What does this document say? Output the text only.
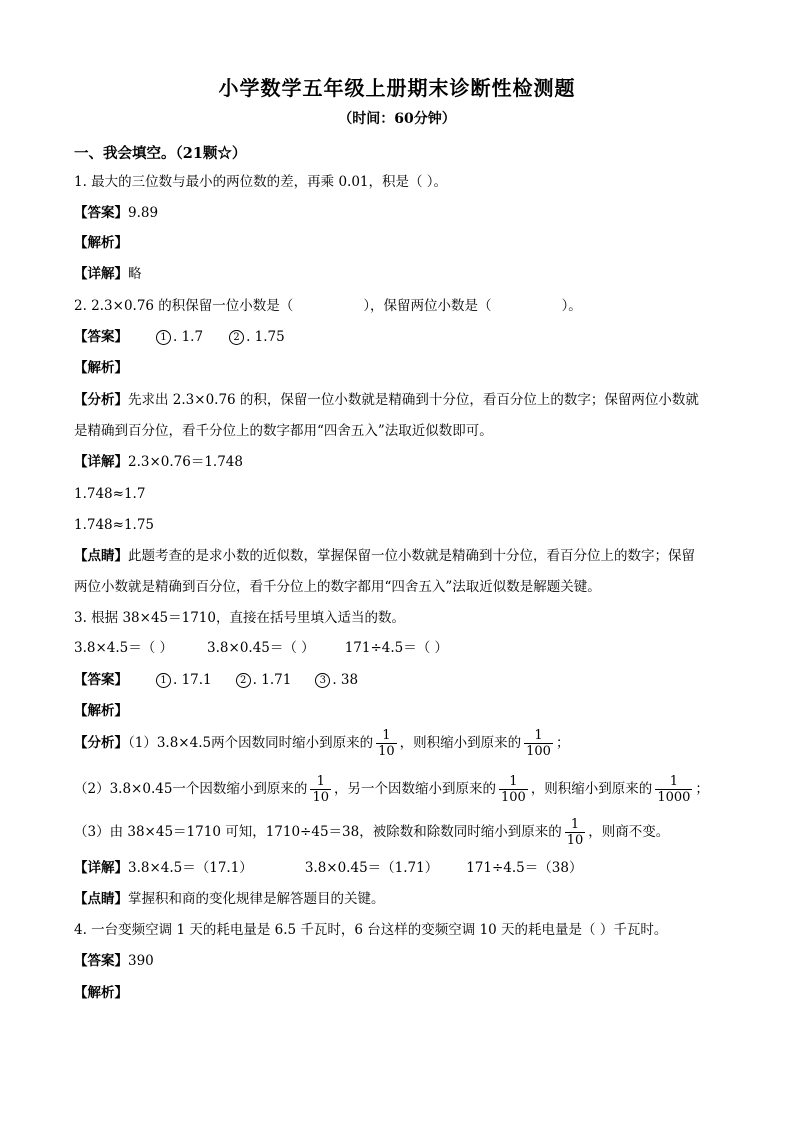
小学数学五年级上册期末诊断性检测题
（时间：60分钟）
一、我会填空。（21颗☆）
1. 最大的三位数与最小的两位数的差，再乘 0.01，积是（ ）。
【答案】9.89
【解析】
【详解】略
2. 2.3×0.76 的积保留一位小数是（	），保留两位小数是（	）。
【答案】	1 . 1.7	2 . 1.75
【解析】
【分析】先求出 2.3×0.76 的积，保留一位小数就是精确到十分位，看百分位上的数字；保留两位小数就
是精确到百分位，看千分位上的数字都用“四舍五入”法取近似数即可。
【详解】2.3×0.76＝1.748
1.748≈1.7
1.748≈1.75
【点睛】此题考查的是求小数的近似数，掌握保留一位小数就是精确到十分位，看百分位上的数字；保留
两位小数就是精确到百分位，看千分位上的数字都用“四舍五入”法取近似数是解题关键。
3. 根据 38×45＝1710，直接在括号里填入适当的数。
3.8×4.5＝（ ）	3.8×0.45＝（ ） 171÷4.5＝（ ）
【答案】	1 . 17.1	2 . 1.71	3 . 38
【解析】
【分析】（1）3.8×4.5两个因数同时缩小到原来的 $\frac{1}{10}$ ，则积缩小到原来的 $\frac{1}{100}$ ；
（2）3.8×0.45一个因数缩小到原来的 $\frac{1}{10}$ ，另一个因数缩小到原来的 $\frac{1}{100}$ ，则积缩小到原来的 $\frac{1}{1000}$ ；
（3）由 38×45＝1710 可知，1710÷45＝38，被除数和除数同时缩小到原来的 $\frac{1}{10}$ ，则商不变。
【详解】3.8×4.5＝（17.1）	3.8×0.45＝（1.71） 171÷4.5＝（38）
【点睛】掌握积和商的变化规律是解答题目的关键。
4. 一台变频空调 1 天的耗电量是 6.5 千瓦时，6 台这样的变频空调 10 天的耗电量是（ ）千瓦时。
【答案】390
【解析】
